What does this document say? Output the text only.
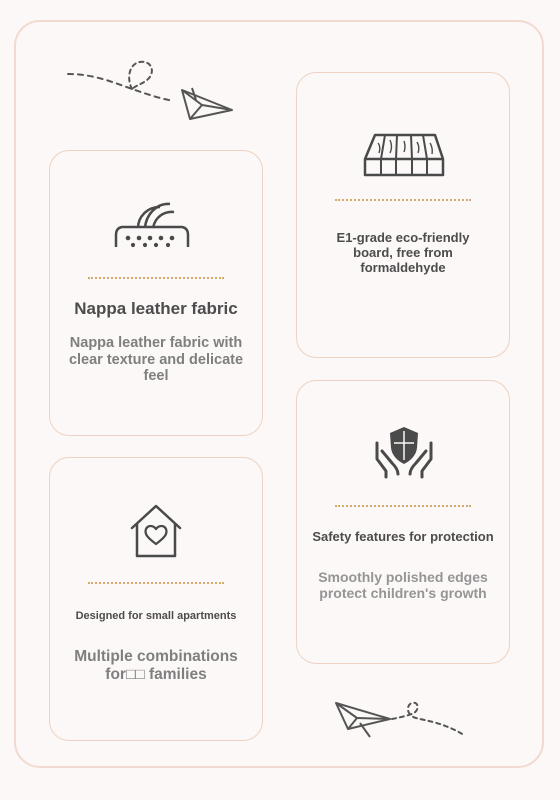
Nappa leather fabric
Nappa leather fabric with clear texture and delicate feel
E1-grade eco-friendly board, free from formaldehyde
Designed for small apartments
Multiple combinations for□□ families
Safety features for protection
Smoothly polished edges protect children's growth
